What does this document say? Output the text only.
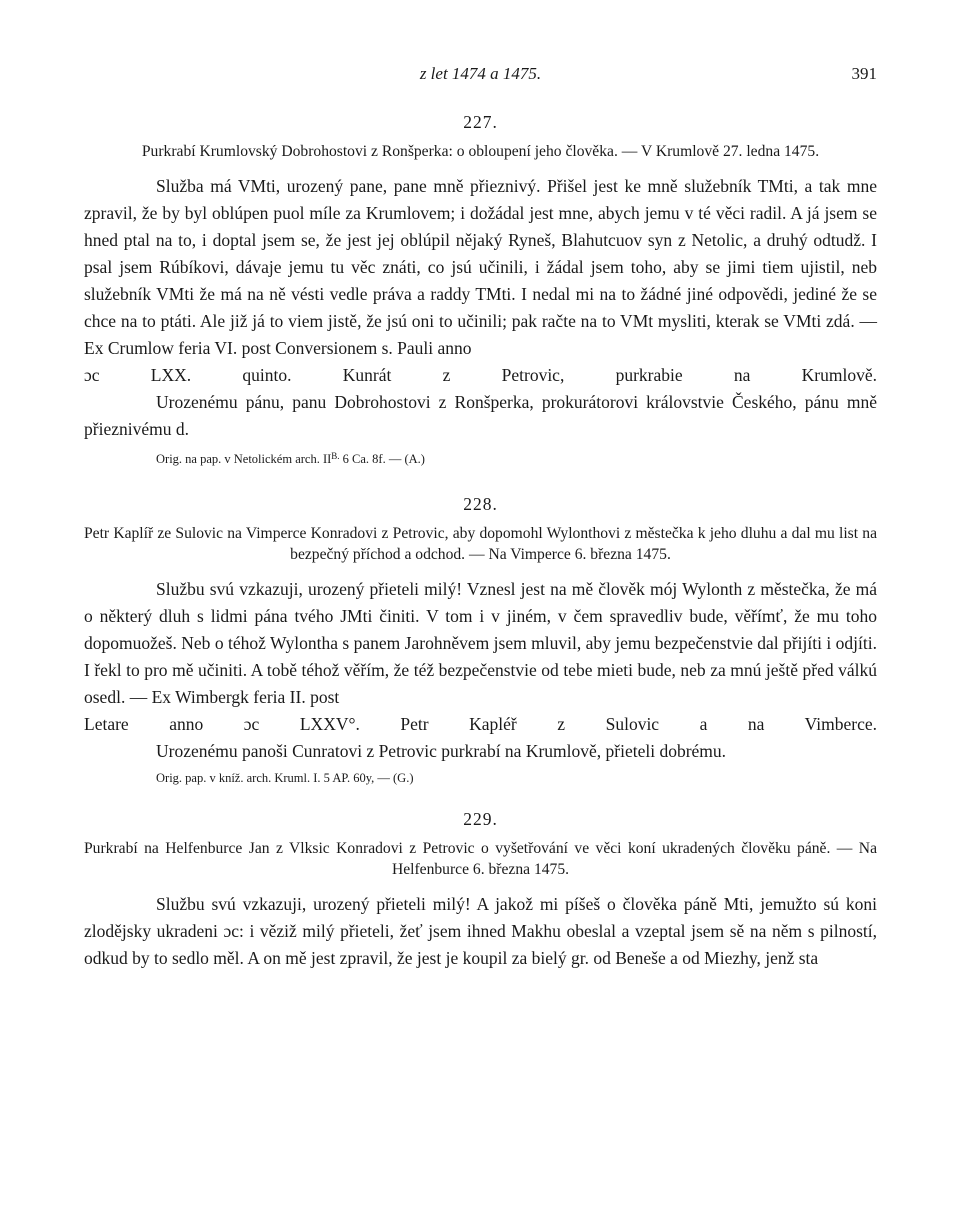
z let 1474 a 1475.	391
227.
Purkrabí Krumlovský Dobrohostovi z Ronšperka: o obloupení jeho člověka. — V Krumlově 27. ledna 1475.

Služba má VMti, urozený pane, pane mně přieznivý. Přišel jest ke mně služebník TMti, a tak mne zpravil, že by byl oblúpen puol míle za Krumlovem; i dožádal jest mne, abych jemu v té věci radil. A já jsem se hned ptal na to, i doptal jsem se, že jest jej oblúpil nějaký Ryneš, Blahutcuov syn z Netolic, a druhý odtudž. I psal jsem Rúbíkovi, dávaje jemu tu věc znáti, co jsú učinili, i žádal jsem toho, aby se jimi tiem ujistil, neb služebník VMti že má na ně vésti vedle práva a raddy TMti. I nedal mi na to žádné jiné odpovědi, jediné že se chce na to ptáti. Ale již já to viem jistě, že jsú oni to učinili; pak račte na to VMt mysliti, kterak se VMti zdá. — Ex Crumlow feria VI. post Conversionem s. Pauli anno

ɔc LXX. quinto. Kunrát z Petrovic, purkrabie na Krumlově.

Urozenému pánu, panu Dobrohostovi z Ronšperka, prokurátorovi královstvie Českého, pánu mně přieznivému d.

Orig. na pap. v Netolickém arch. $II^{B.}$ 6 Ca. 8f. — (A.)
228.
Petr Kaplíř ze Sulovic na Vimperce Konradovi z Petrovic, aby dopomohl Wylonthovi z městečka k jeho dluhu a dal mu list na bezpečný příchod a odchod. — Na Vimperce 6. března 1475.

Službu svú vzkazuji, urozený přieteli milý! Vznesl jest na mě člověk mój Wylonth z městečka, že má o některý dluh s lidmi pána tvého JMti činiti. V tom i v jiném, v čem spravedliv bude, věřímť, že mu toho dopomuožeš. Neb o téhož Wylontha s panem Jarohněvem jsem mluvil, aby jemu bezpečenstvie dal přijíti i odjíti. I řekl to pro mě učiniti. A tobě téhož věřím, že též bezpečenstvie od tebe mieti bude, neb za mnú ještě před válkú osedl. — Ex Wimbergk feria II. post

Letare anno ɔc LXXV°. Petr Kapléř z Sulovic a na Vimberce.

Urozenému panoši Cunratovi z Petrovic purkrabí na Krumlově, přieteli dobrému.

Orig. pap. v kníž. arch. Kruml. I. 5 AP. 60y, — (G.)
229.
Purkrabí na Helfenburce Jan z Vlksic Konradovi z Petrovic o vyšetřování ve věci koní ukradených člověku páně. — Na Helfenburce 6. března 1475.

Službu svú vzkazuji, urozený přieteli milý! A jakož mi píšeš o člověka páně Mti, jemužto sú koni zlodějsky ukradeni ɔc: i věziž milý přieteli, žeť jsem ihned Makhu obeslal a vzeptal jsem sě na něm s pilností, odkud by to sedlo měl. A on mě jest zpravil, že jest je koupil za bielý gr. od Beneše a od Miezhy, jenž sta
